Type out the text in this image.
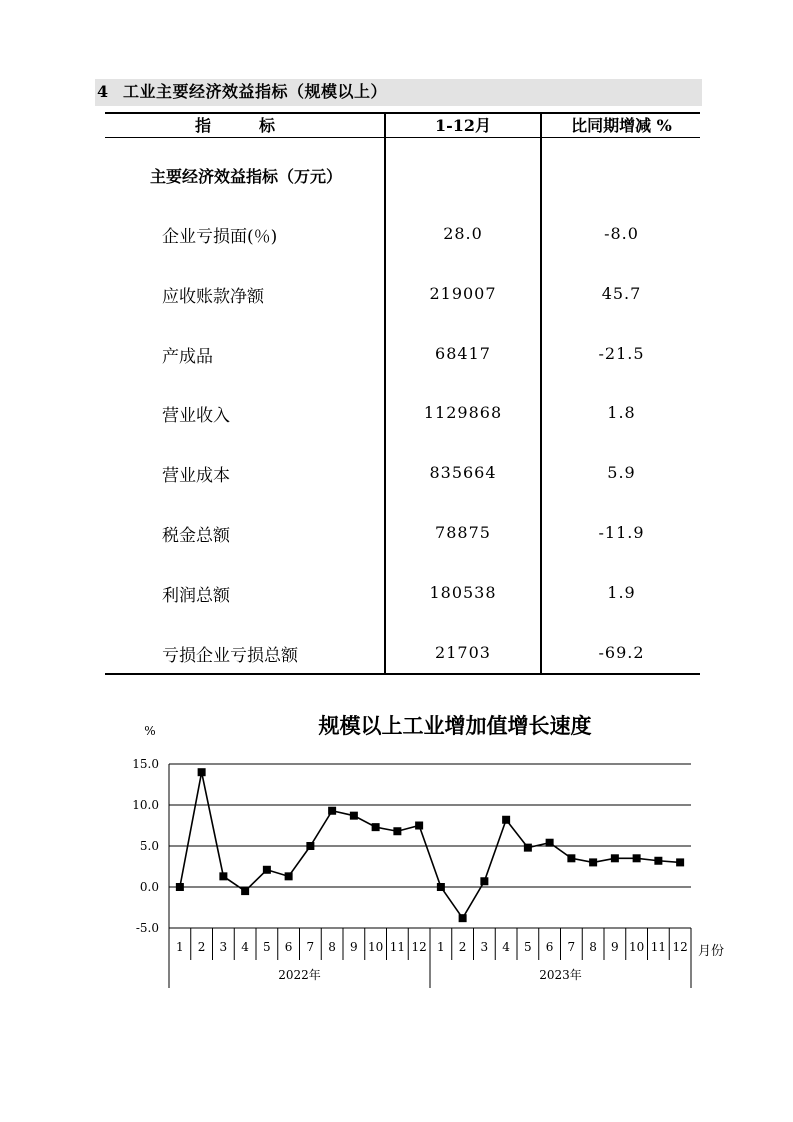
4 工业主要经济效益指标（规模以上）
指　　　标	1-12月	比同期增减 %
主要经济效益指标（万元）
企业亏损面(％)	28.0	-8.0
应收账款净额	219007	45.7
产成品	68417	-21.5
营业收入	1129868	1.8
营业成本	835664	5.9
税金总额	78875	-11.9
利润总额	180538	1.9
亏损企业亏损总额	21703	-69.2
规模以上工业增加值增长速度
%
-5.0
0.0
5.0
10.0
15.0
1 2 3 4 5 6 7 8 9 10 11 12 1 2 3 4 5 6 7 8 9 10 11 12
2022年	2023年
月份
